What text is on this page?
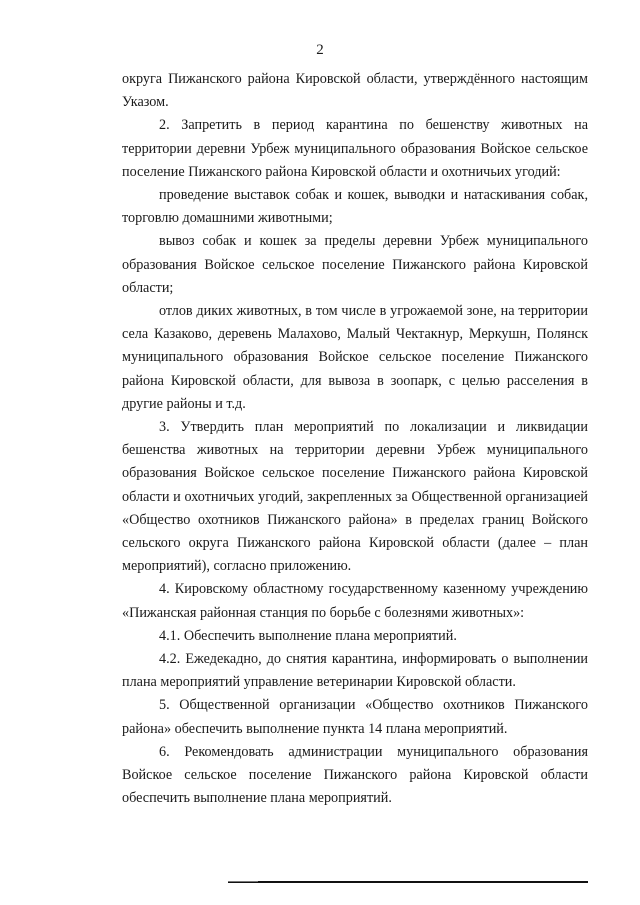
2

округа Пижанского района Кировской области, утверждённого настоящим Указом.

2. Запретить в период карантина по бешенству животных на территории деревни Урбеж муниципального образования Войское сельское поселение Пижанского района Кировской области и охотничьих угодий:

проведение выставок собак и кошек, выводки и натаскивания собак, торговлю домашними животными;

вывоз собак и кошек за пределы деревни Урбеж муниципального образования Войское сельское поселение Пижанского района Кировской области;

отлов диких животных, в том числе в угрожаемой зоне, на территории села Казаково, деревень Малахово, Малый Чектакнур, Меркушн, Полянск муниципального образования Войское сельское поселение Пижанского района Кировской области, для вывоза в зоопарк, с целью расселения в другие районы и т.д.

3. Утвердить план мероприятий по локализации и ликвидации бешенства животных на территории деревни Урбеж муниципального образования Войское сельское поселение Пижанского района Кировской области и охотничьих угодий, закрепленных за Общественной организацией «Общество охотников Пижанского района» в пределах границ Войского сельского округа Пижанского района Кировской области (далее – план мероприятий), согласно приложению.

4. Кировскому областному государственному казенному учреждению «Пижанская районная станция по борьбе с болезнями животных»:

4.1. Обеспечить выполнение плана мероприятий.

4.2. Ежедекадно, до снятия карантина, информировать о выполнении плана мероприятий управление ветеринарии Кировской области.

5. Общественной организации «Общество охотников Пижанского района» обеспечить выполнение пункта 14 плана мероприятий.

6. Рекомендовать администрации муниципального образования Войское сельское поселение Пижанского района Кировской области обеспечить выполнение плана мероприятий.
